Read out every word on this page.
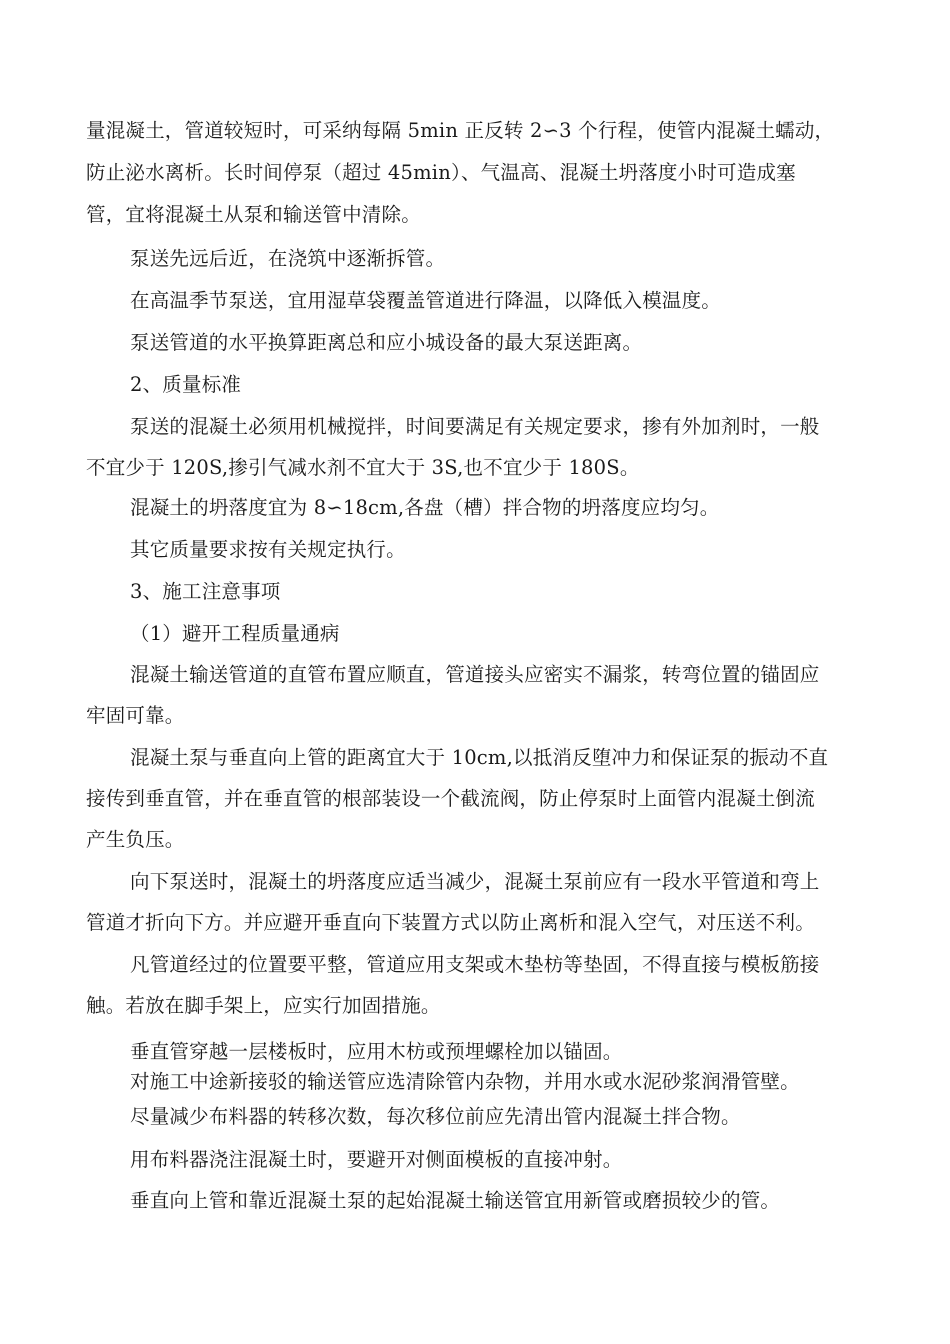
量混凝土，管道较短时，可采纳每隔 5min 正反转 2∽3 个行程，使管内混凝土蠕动，
防止泌水离析。长时间停泵（超过 45min）、气温高、混凝土坍落度小时可造成塞
管，宜将混凝土从泵和输送管中清除。
泵送先远后近，在浇筑中逐渐拆管。
在高温季节泵送，宜用湿草袋覆盖管道进行降温，以降低入模温度。
泵送管道的水平换算距离总和应小城设备的最大泵送距离。
2、质量标准
泵送的混凝土必须用机械搅拌，时间要满足有关规定要求，掺有外加剂时，一般
不宜少于 120S,掺引气减水剂不宜大于 3S,也不宜少于 180S。
混凝土的坍落度宜为 8∽18cm,各盘（槽）拌合物的坍落度应均匀。
其它质量要求按有关规定执行。
3、施工注意事项
（1）避开工程质量通病
混凝土输送管道的直管布置应顺直，管道接头应密实不漏浆，转弯位置的锚固应
牢固可靠。
混凝土泵与垂直向上管的距离宜大于 10cm,以抵消反堕冲力和保证泵的振动不直
接传到垂直管，并在垂直管的根部装设一个截流阀，防止停泵时上面管内混凝土倒流
产生负压。
向下泵送时，混凝土的坍落度应适当减少，混凝土泵前应有一段水平管道和弯上
管道才折向下方。并应避开垂直向下装置方式以防止离析和混入空气，对压送不利。
凡管道经过的位置要平整，管道应用支架或木垫枋等垫固，不得直接与模板筋接
触。若放在脚手架上，应实行加固措施。
垂直管穿越一层楼板时，应用木枋或预埋螺栓加以锚固。
对施工中途新接驳的输送管应选清除管内杂物，并用水或水泥砂浆润滑管壁。
尽量减少布料器的转移次数，每次移位前应先清出管内混凝土拌合物。
用布料器浇注混凝土时，要避开对侧面模板的直接冲射。
垂直向上管和靠近混凝土泵的起始混凝土输送管宜用新管或磨损较少的管。
